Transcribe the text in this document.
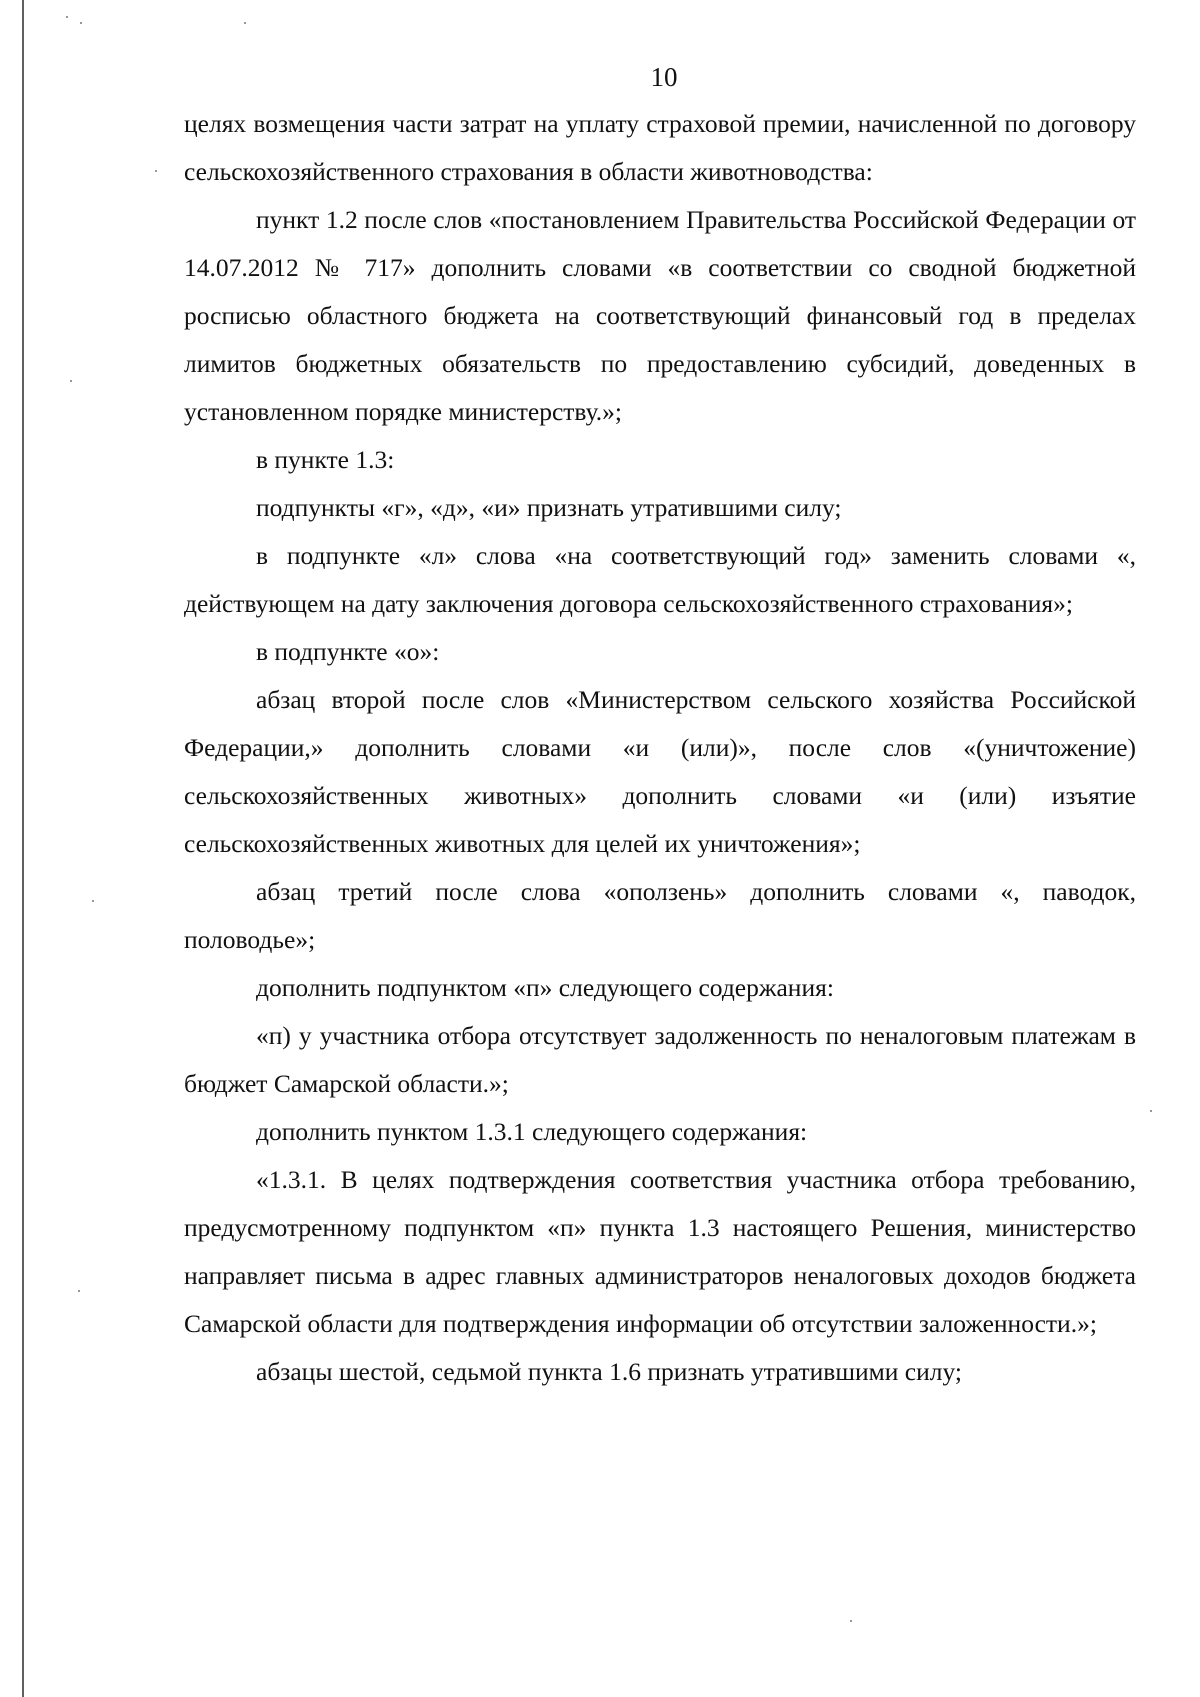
10

целях возмещения части затрат на уплату страховой премии, начисленной по договору сельскохозяйственного страхования в области животноводства:

пункт 1.2 после слов «постановлением Правительства Российской Федерации от 14.07.2012 № 717» дополнить словами «в соответствии со сводной бюджетной росписью областного бюджета на соответствующий финансовый год в пределах лимитов бюджетных обязательств по предоставлению субсидий, доведенных в установленном порядке министерству.»;

в пункте 1.3:

подпункты «г», «д», «и» признать утратившими силу;

в подпункте «л» слова «на соответствующий год» заменить словами «, действующем на дату заключения договора сельскохозяйственного страхования»;

в подпункте «о»:

абзац второй после слов «Министерством сельского хозяйства Российской Федерации,» дополнить словами «и (или)», после слов «(уничтожение) сельскохозяйственных животных» дополнить словами «и (или) изъятие сельскохозяйственных животных для целей их уничтожения»;

абзац третий после слова «оползень» дополнить словами «, паводок, половодье»;

дополнить подпунктом «п» следующего содержания:

«п) у участника отбора отсутствует задолженность по неналоговым платежам в бюджет Самарской области.»;

дополнить пунктом 1.3.1 следующего содержания:

«1.3.1. В целях подтверждения соответствия участника отбора требованию, предусмотренному подпунктом «п» пункта 1.3 настоящего Решения, министерство направляет письма в адрес главных администраторов неналоговых доходов бюджета Самарской области для подтверждения информации об отсутствии заложенности.»;

абзацы шестой, седьмой пункта 1.6 признать утратившими силу;
